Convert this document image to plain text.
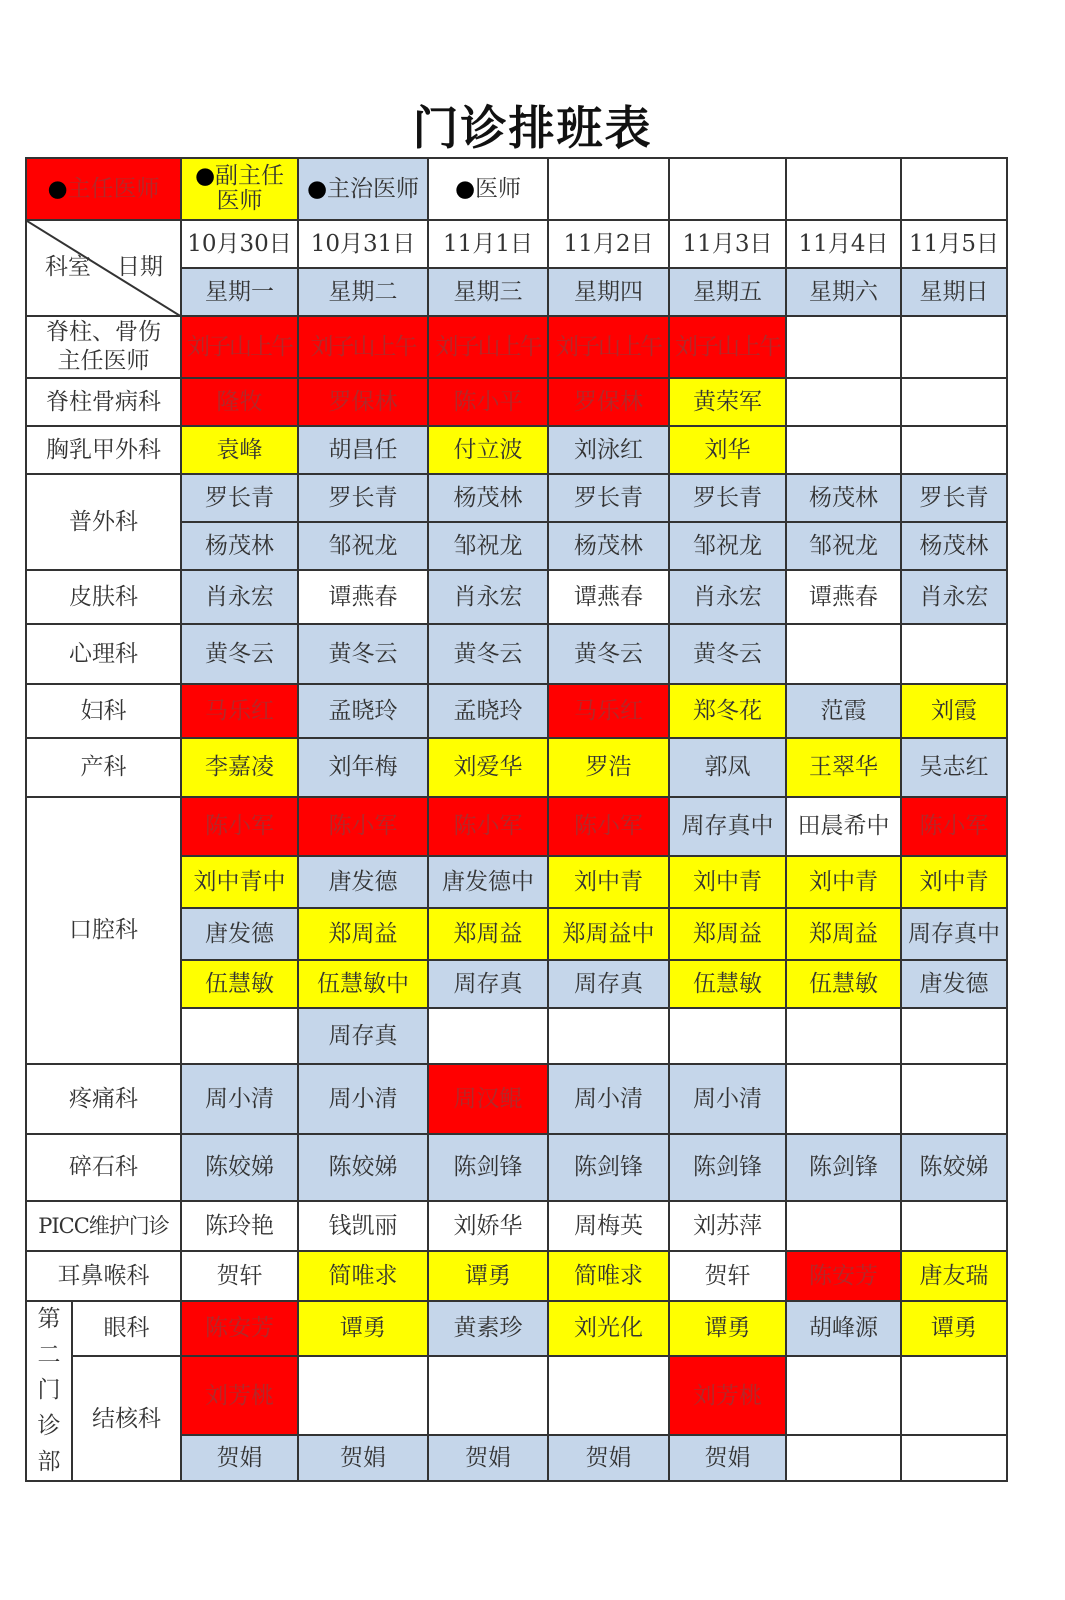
门诊排班表
●主任医师		●副主任
医师	●主治医师	●医师				

科室 日期		10月30日	10月31日	11月1日	11月2日	11月3日	11月4日	11月5日
		星期一	星期二	星期三	星期四	星期五	星期六	星期日
脊柱、骨伤
主任医师		刘子山上午	刘子山上午	刘子山上午	刘子山上午	刘子山上午		
脊柱骨病科		隆牧	罗保林	陈小平	罗保林	黄荣军		
胸乳甲外科		袁峰	胡昌任	付立波	刘泳红	刘华		
普外科		罗长青	罗长青	杨茂林	罗长青	罗长青	杨茂林	罗长青
		杨茂林	邹祝龙	邹祝龙	杨茂林	邹祝龙	邹祝龙	杨茂林
皮肤科		肖永宏	谭燕春	肖永宏	谭燕春	肖永宏	谭燕春	肖永宏
心理科		黄冬云	黄冬云	黄冬云	黄冬云	黄冬云		
妇科		马乐红	孟晓玲	孟晓玲	马乐红	郑冬花	范霞	刘霞
产科		李嘉凌	刘年梅	刘爱华	罗浩	郭凤	王翠华	吴志红
口腔科		陈小军	陈小军	陈小军	陈小军	周存真中	田晨希中	陈小军
		刘中青中	唐发德	唐发德中	刘中青	刘中青	刘中青	刘中青
		唐发德	郑周益	郑周益	郑周益中	郑周益	郑周益	周存真中
		伍慧敏	伍慧敏中	周存真	周存真	伍慧敏	伍慧敏	唐发德
			周存真					
疼痛科		周小清	周小清	周汉鲲	周小清	周小清		
碎石科		陈姣娣	陈姣娣	陈剑锋	陈剑锋	陈剑锋	陈剑锋	陈姣娣
PICC维护门诊		陈玲艳	钱凯丽	刘娇华	周梅英	刘苏萍		
耳鼻喉科		贺轩	简唯求	谭勇	简唯求	贺轩	陈安芳	唐友瑞
第
二
门
诊
部	眼科	陈安芳	谭勇	黄素珍	刘光化	谭勇	胡峰源	谭勇
	结核科	刘芳桃				刘芳桃		
		贺娟	贺娟	贺娟	贺娟	贺娟		
